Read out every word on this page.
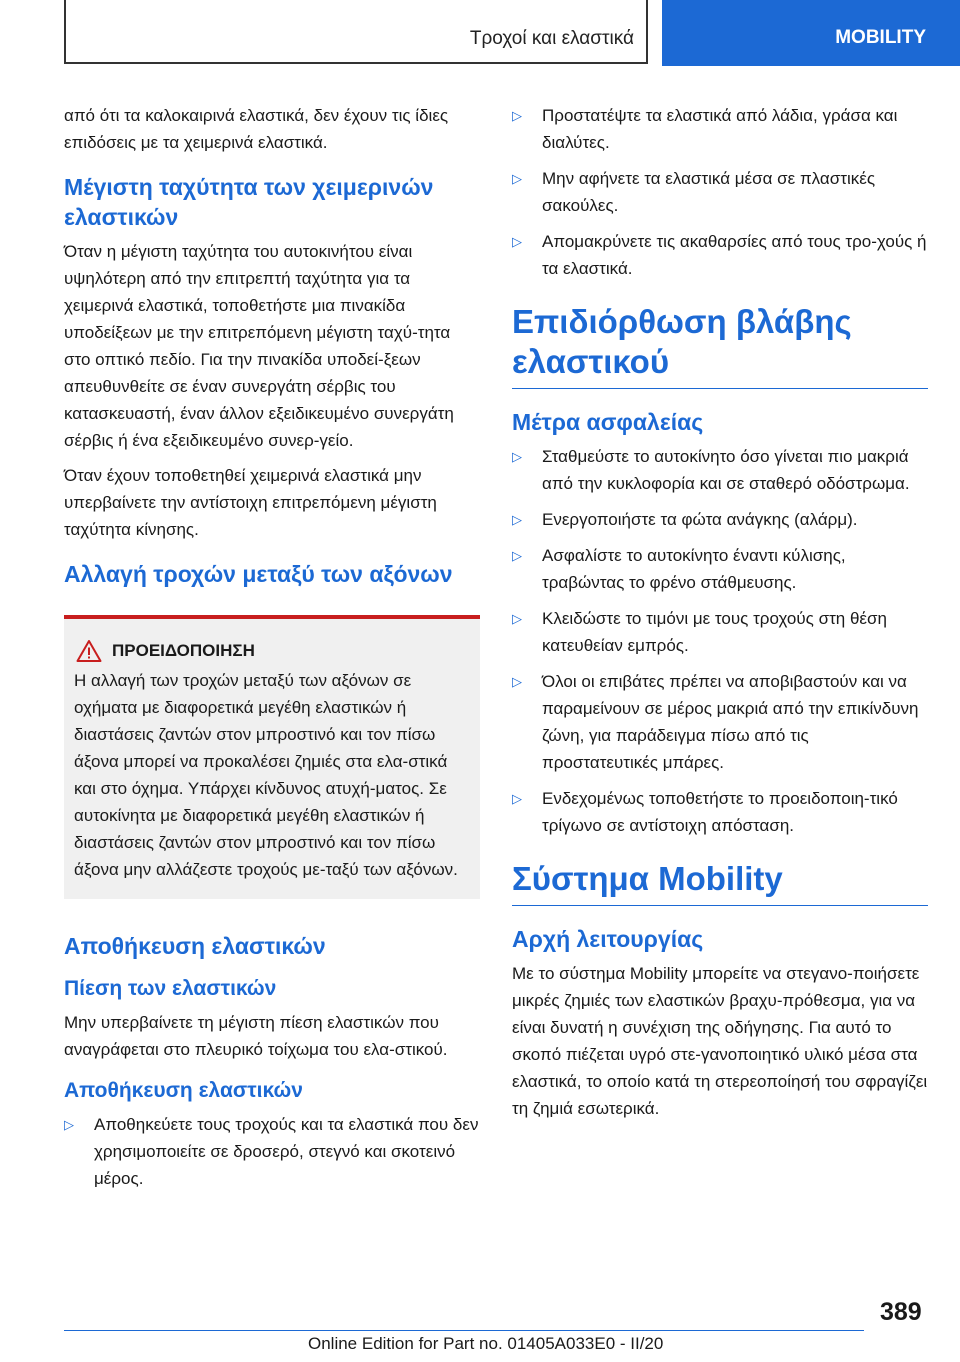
Τροχοί και ελαστικά	MOBILITY

από ότι τα καλοκαιρινά ελαστικά, δεν έχουν τις ίδιες επιδόσεις με τα χειμερινά ελαστικά.

Μέγιστη ταχύτητα των χειμερινών ελαστικών

Όταν η μέγιστη ταχύτητα του αυτοκινήτου είναι υψηλότερη από την επιτρεπτή ταχύτητα για τα χειμερινά ελαστικά, τοποθετήστε μια πινακίδα υποδείξεων με την επιτρεπόμενη μέγιστη ταχύ-τητα στο οπτικό πεδίο. Για την πινακίδα υποδεί-ξεων απευθυνθείτε σε έναν συνεργάτη σέρβις του κατασκευαστή, έναν άλλον εξειδικευμένο συνεργάτη σέρβις ή ένα εξειδικευμένο συνερ-γείο.

Όταν έχουν τοποθετηθεί χειμερινά ελαστικά μην υπερβαίνετε την αντίστοιχη επιτρεπόμενη μέγιστη ταχύτητα κίνησης.

Αλλαγή τροχών μεταξύ των αξόνων
ΠΡΟΕΙΔΟΠΟΙΗΣΗ

Η αλλαγή των τροχών μεταξύ των αξόνων σε οχήματα με διαφορετικά μεγέθη ελαστικών ή διαστάσεις ζαντών στον μπροστινό και τον πίσω άξονα μπορεί να προκαλέσει ζημιές στα ελα-στικά και στο όχημα. Υπάρχει κίνδυνος ατυχή-ματος. Σε αυτοκίνητα με διαφορετικά μεγέθη ελαστικών ή διαστάσεις ζαντών στον μπροστινό και τον πίσω άξονα μην αλλάζεστε τροχούς με-ταξύ των αξόνων.

Αποθήκευση ελαστικών
Πίεση των ελαστικών

Μην υπερβαίνετε τη μέγιστη πίεση ελαστικών που αναγράφεται στο πλευρικό τοίχωμα του ελα-στικού.

Αποθήκευση ελαστικών
▷ Αποθηκεύετε τους τροχούς και τα ελαστικά που δεν χρησιμοποιείτε σε δροσερό, στεγνό και σκοτεινό μέρος.
▷ Προστατέψτε τα ελαστικά από λάδια, γράσα και διαλύτες.
▷ Μην αφήνετε τα ελαστικά μέσα σε πλαστικές σακούλες.
▷ Απομακρύνετε τις ακαθαρσίες από τους τρο-χούς ή τα ελαστικά.
Επιδιόρθωση βλάβης ελαστικού
Μέτρα ασφαλείας
▷ Σταθμεύστε το αυτοκίνητο όσο γίνεται πιο μακριά από την κυκλοφορία και σε σταθερό οδόστρωμα.
▷ Ενεργοποιήστε τα φώτα ανάγκης (αλάρμ).
▷ Ασφαλίστε το αυτοκίνητο έναντι κύλισης, τραβώντας το φρένο στάθμευσης.
▷ Κλειδώστε το τιμόνι με τους τροχούς στη θέση κατευθείαν εμπρός.
▷ Όλοι οι επιβάτες πρέπει να αποβιβαστούν και να παραμείνουν σε μέρος μακριά από την επικίνδυνη ζώνη, για παράδειγμα πίσω από τις προστατευτικές μπάρες.
▷ Ενδεχομένως τοποθετήστε το προειδοποιη-τικό τρίγωνο σε αντίστοιχη απόσταση.
Σύστημα Mobility
Αρχή λειτουργίας

Με το σύστημα Mobility μπορείτε να στεγανο-ποιήσετε μικρές ζημιές των ελαστικών βραχυ-πρόθεσμα, για να είναι δυνατή η συνέχιση της οδήγησης. Για αυτό το σκοπό πιέζεται υγρό στε-γανοποιητικό υλικό μέσα στα ελαστικά, το οποίο κατά τη στερεοποίησή του σφραγίζει τη ζημιά εσωτερικά.

389
Online Edition for Part no. 01405A033E0 - II/20
